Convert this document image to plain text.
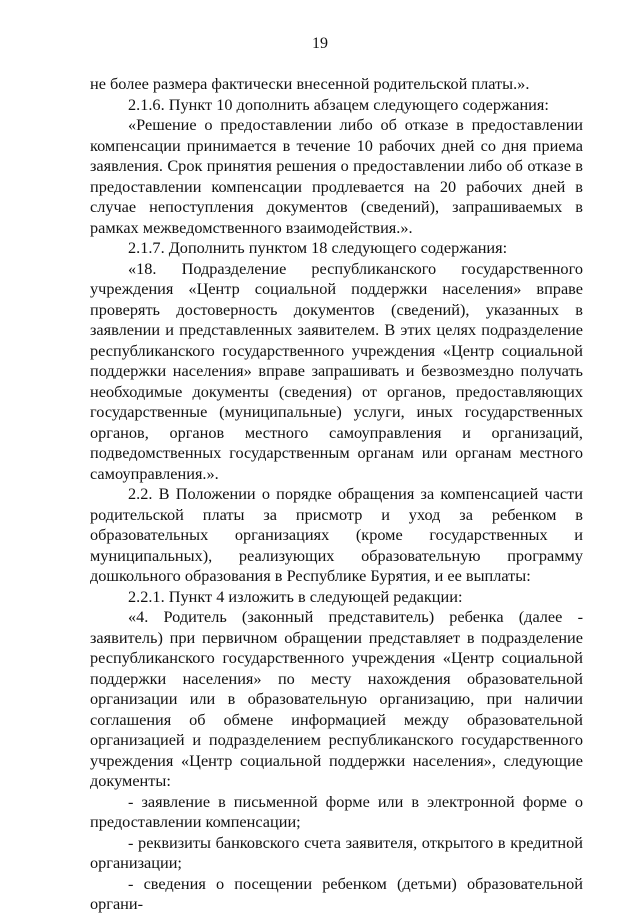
19

не более размера фактически внесенной родительской платы.».

2.1.6. Пункт 10 дополнить абзацем следующего содержания:

«Решение о предоставлении либо об отказе в предоставлении компенсации принимается в течение 10 рабочих дней со дня приема заявления. Срок принятия решения о предоставлении либо об отказе в предоставлении компенсации продлевается на 20 рабочих дней в случае непоступления документов (сведений), запрашиваемых в рамках межведомственного взаимодействия.».

2.1.7. Дополнить пунктом 18 следующего содержания:

«18. Подразделение республиканского государственного учреждения «Центр социальной поддержки населения» вправе проверять достоверность документов (сведений), указанных в заявлении и представленных заявителем. В этих целях подразделение республиканского государственного учреждения «Центр социальной поддержки населения» вправе запрашивать и безвозмездно получать необходимые документы (сведения) от органов, предоставляющих государственные (муниципальные) услуги, иных государственных органов, органов местного самоуправления и организаций, подведомственных государственным органам или органам местного самоуправления.».

2.2. В Положении о порядке обращения за компенсацией части родительской платы за присмотр и уход за ребенком в образовательных организациях (кроме государственных и муниципальных), реализующих образовательную программу дошкольного образования в Республике Бурятия, и ее выплаты:

2.2.1. Пункт 4 изложить в следующей редакции:

«4. Родитель (законный представитель) ребенка (далее - заявитель) при первичном обращении представляет в подразделение республиканского государственного учреждения «Центр социальной поддержки населения» по месту нахождения образовательной организации или в образовательную организацию, при наличии соглашения об обмене информацией между образовательной организацией и подразделением республиканского государственного учреждения «Центр социальной поддержки населения», следующие документы:

- заявление в письменной форме или в электронной форме о предоставлении компенсации;

- реквизиты банковского счета заявителя, открытого в кредитной организации;

- сведения о посещении ребенком (детьми) образовательной органи-
